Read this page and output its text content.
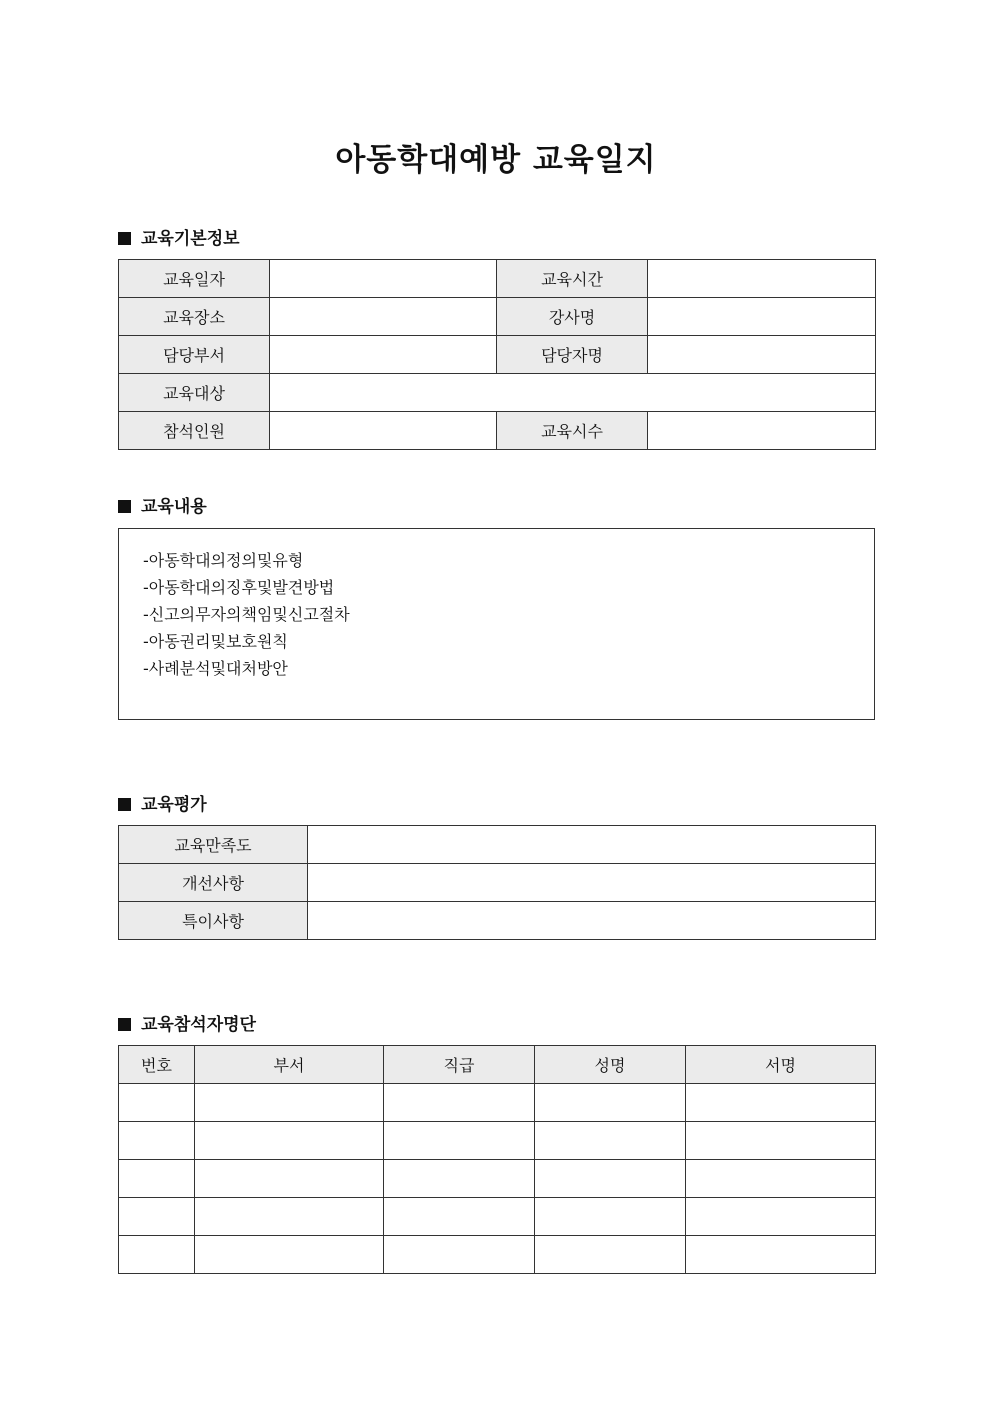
아동학대예방 교육일지
교육기본정보
교육일자		교육시간	
교육장소		강사명	
담당부서		담당자명	
교육대상			
참석인원		교육시수	
교육내용
-아동학대의정의및유형
-아동학대의징후및발견방법
-신고의무자의책임및신고절차
-아동권리및보호원칙
-사례분석및대처방안
교육평가
교육만족도	
개선사항	
특이사항	
교육참석자명단
번호	부서	직급	성명	서명
